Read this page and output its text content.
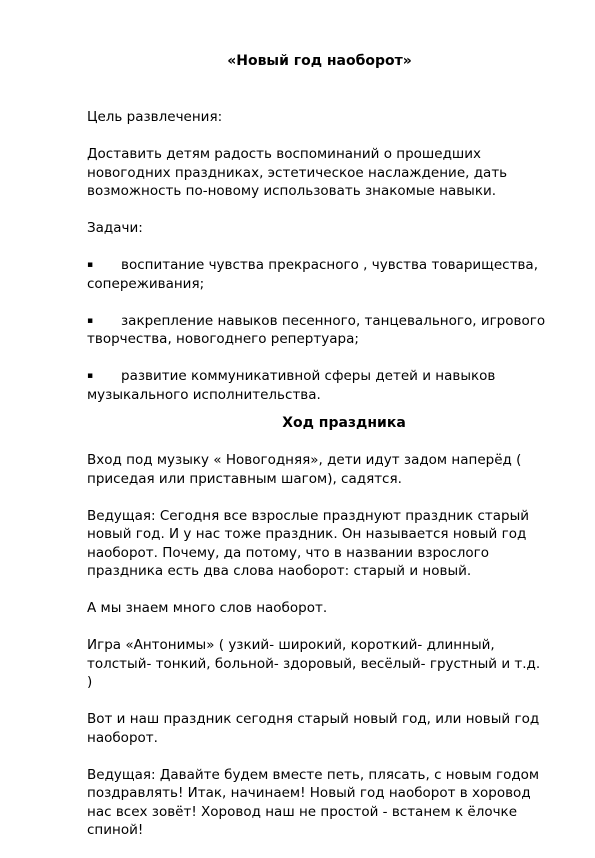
«Новый год наоборот»

Цель развлечения:

Доставить детям радость воспоминаний о прошедших новогодних праздниках, эстетическое наслаждение, дать возможность по-новому использовать знакомые навыки.

Задачи:

▪ воспитание чувства прекрасного , чувства товарищества, сопереживания;

▪ закрепление навыков песенного, танцевального, игрового творчества, новогоднего репертуара;

▪ развитие коммуникативной сферы детей и навыков музыкального исполнительства.

Ход праздника

Вход под музыку « Новогодняя», дети идут задом наперёд ( приседая или приставным шагом), садятся.

Ведущая: Сегодня все взрослые празднуют праздник старый новый год. И у нас тоже праздник. Он называется новый год наоборот. Почему, да потому, что в названии взрослого праздника есть два слова наоборот: старый и новый.

А мы знаем много слов наоборот.

Игра «Антонимы» ( узкий- широкий, короткий- длинный, толстый- тонкий, больной- здоровый, весёлый- грустный и т.д. )

Вот и наш праздник сегодня старый новый год, или новый год наоборот.

Ведущая: Давайте будем вместе петь, плясать, с новым годом поздравлять! Итак, начинаем! Новый год наоборот в хоровод нас всех зовёт! Хоровод наш не простой - встанем к ёлочке спиной!
